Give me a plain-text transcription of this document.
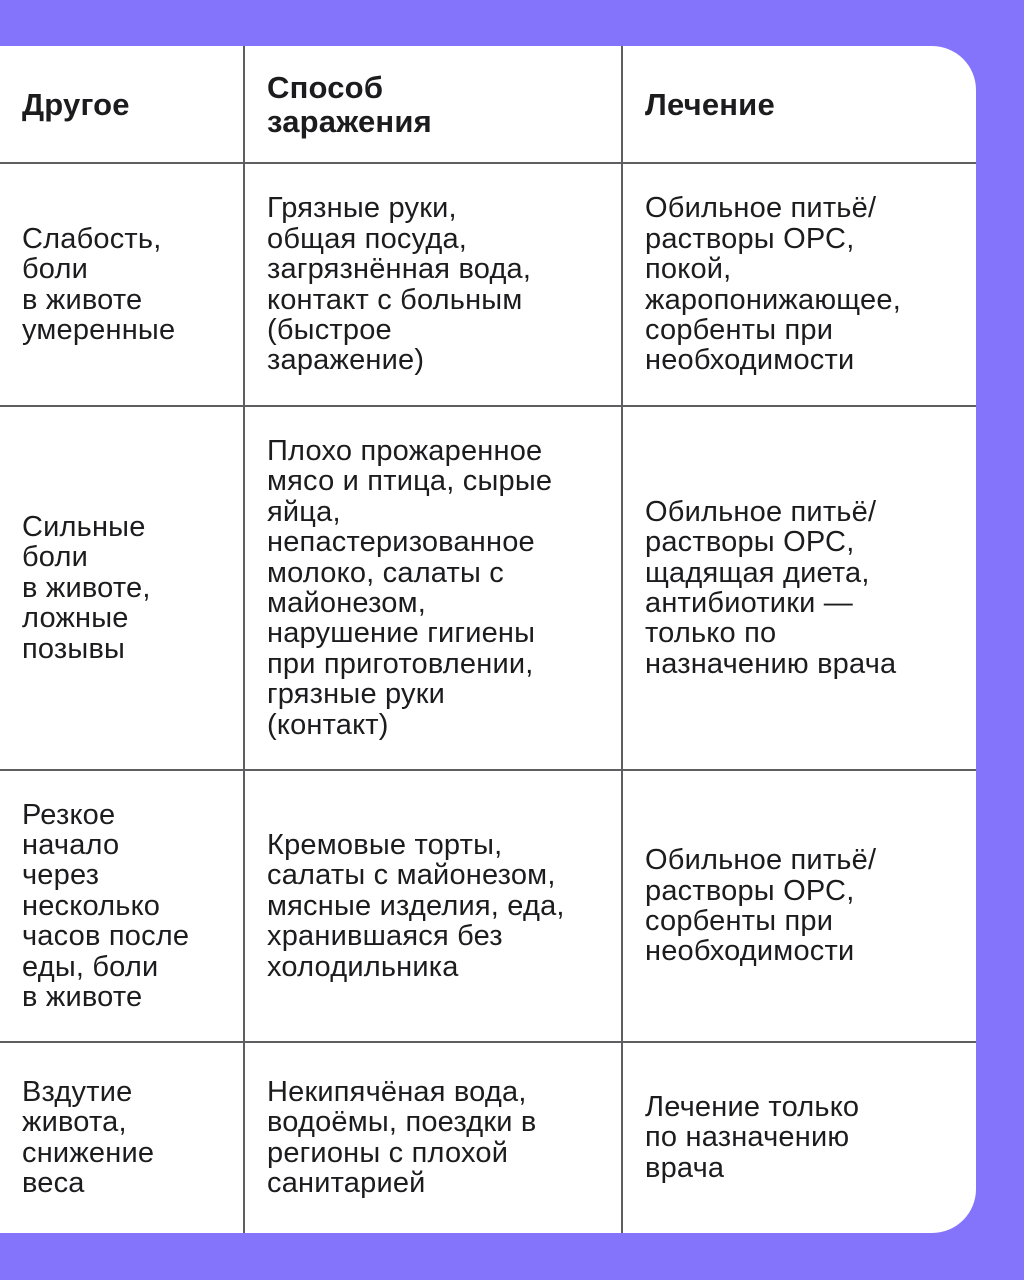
Другое	Способ
заражения	Лечение
Слабость,
боли
в животе
умеренные
Грязные руки,
общая посуда,
загрязнённая вода,
контакт с больным
(быстрое
заражение)
Обильное питьё/
растворы ОРС,
покой,
жаропонижающее,
сорбенты при
необходимости
Сильные
боли
в животе,
ложные
позывы
Плохо прожаренное
мясо и птица, сырые
яйца,
непастеризованное
молоко, салаты с
майонезом,
нарушение гигиены
при приготовлении,
грязные руки
(контакт)
Обильное питьё/
растворы ОРС,
щадящая диета,
антибиотики —
только по
назначению врача
Резкое
начало
через
несколько
часов после
еды, боли
в животе
Кремовые торты,
салаты с майонезом,
мясные изделия, еда,
хранившаяся без
холодильника
Обильное питьё/
растворы ОРС,
сорбенты при
необходимости
Вздутие
живота,
снижение
веса
Некипячёная вода,
водоёмы, поездки в
регионы с плохой
санитарией
Лечение только
по назначению
врача
